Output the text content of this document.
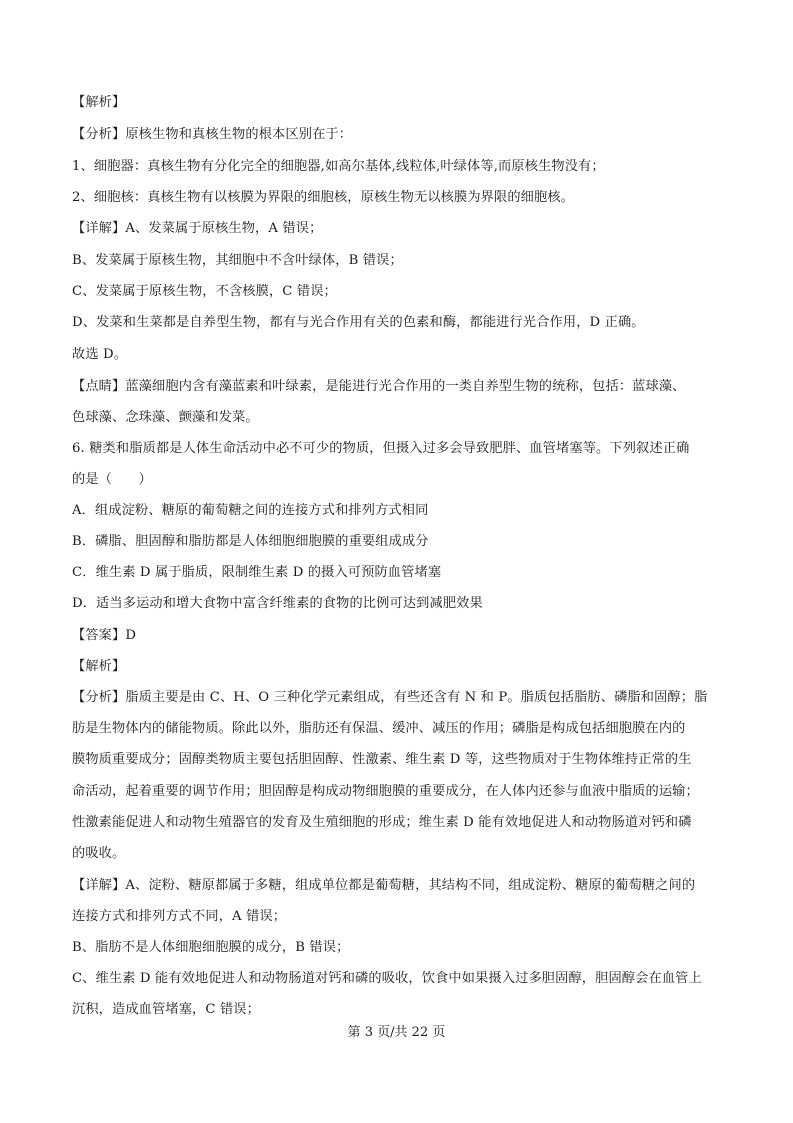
【解析】
【分析】原核生物和真核生物的根本区别在于：
1、细胞器：真核生物有分化完全的细胞器,如高尔基体,线粒体,叶绿体等,而原核生物没有；
2、细胞核：真核生物有以核膜为界限的细胞核，原核生物无以核膜为界限的细胞核。
【详解】A、发菜属于原核生物，A 错误；
B、发菜属于原核生物，其细胞中不含叶绿体，B 错误；
C、发菜属于原核生物，不含核膜，C 错误；
D、发菜和生菜都是自养型生物，都有与光合作用有关的色素和酶，都能进行光合作用，D 正确。
故选 D。
【点睛】蓝藻细胞内含有藻蓝素和叶绿素，是能进行光合作用的一类自养型生物的统称，包括：蓝球藻、
色球藻、念珠藻、颤藻和发菜。
6. 糖类和脂质都是人体生命活动中必不可少的物质，但摄入过多会导致肥胖、血管堵塞等。下列叙述正确
的是（　　）
A．组成淀粉、糖原的葡萄糖之间的连接方式和排列方式相同
B．磷脂、胆固醇和脂肪都是人体细胞细胞膜的重要组成成分
C．维生素 D 属于脂质，限制维生素 D 的摄入可预防血管堵塞
D．适当多运动和增大食物中富含纤维素的食物的比例可达到减肥效果
【答案】D
【解析】
【分析】脂质主要是由 C、H、O 三种化学元素组成，有些还含有 N 和 P。脂质包括脂肪、磷脂和固醇；脂
肪是生物体内的储能物质。除此以外，脂肪还有保温、缓冲、减压的作用；磷脂是构成包括细胞膜在内的
膜物质重要成分；固醇类物质主要包括胆固醇、性激素、维生素 D 等，这些物质对于生物体维持正常的生
命活动，起着重要的调节作用；胆固醇是构成动物细胞膜的重要成分，在人体内还参与血液中脂质的运输；
性激素能促进人和动物生殖器官的发育及生殖细胞的形成；维生素 D 能有效地促进人和动物肠道对钙和磷
的吸收。
【详解】A、淀粉、糖原都属于多糖，组成单位都是葡萄糖，其结构不同，组成淀粉、糖原的葡萄糖之间的
连接方式和排列方式不同，A 错误；
B、脂肪不是人体细胞细胞膜的成分，B 错误；
C、维生素 D 能有效地促进人和动物肠道对钙和磷的吸收，饮食中如果摄入过多胆固醇，胆固醇会在血管上
沉积，造成血管堵塞，C 错误；
第 3 页/共 22 页
